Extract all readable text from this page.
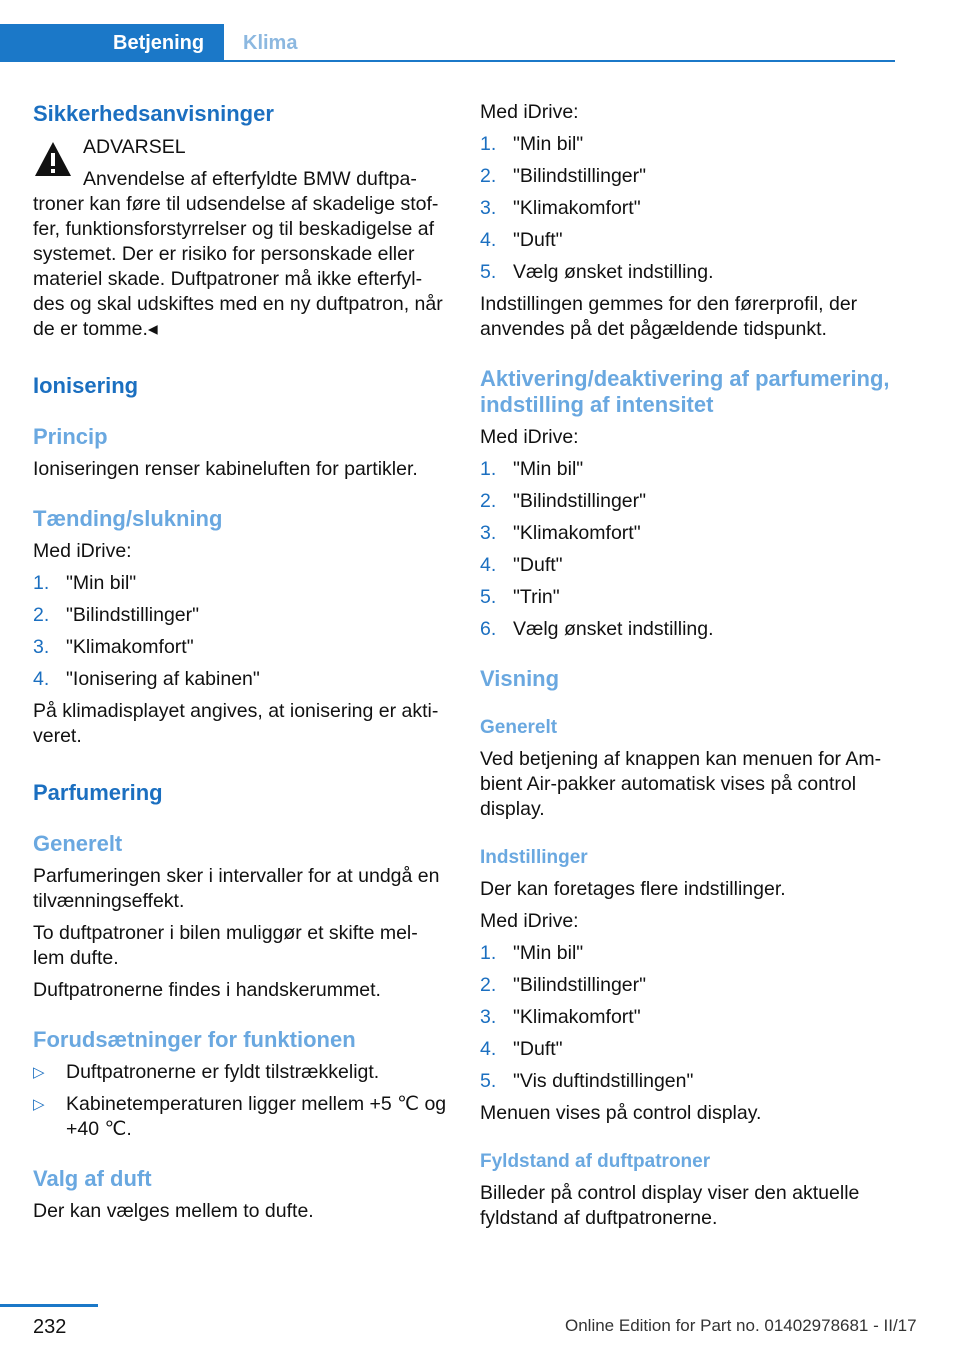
Betjening Klima
Sikkerhedsanvisninger

ADVARSEL

Anvendelse af efterfyldte BMW duftpa-

troner kan føre til udsendelse af skadelige stof-fer, funktionsforstyrrelser og til beskadigelse af systemet. Der er risiko for personskade eller materiel skade. Duftpatroner må ikke efterfyl-des og skal udskiftes med en ny duftpatron, når de er tomme.◂

Ionisering
Princip

Ioniseringen renser kabineluften for partikler.

Tænding/slukning

Med iDrive:

1. "Min bil"
2. "Bilindstillinger"
3. "Klimakomfort"
4. "Ionisering af kabinen"

På klimadisplayet angives, at ionisering er akti-veret.

Parfumering
Generelt

Parfumeringen sker i intervaller for at undgå en tilvænningseffekt.

To duftpatroner i bilen muliggør et skifte mel-lem dufte.

Duftpatronerne findes i handskerummet.

Forudsætninger for funktionen
▷ Duftpatronerne er fyldt tilstrækkeligt.
▷ Kabinetemperaturen ligger mellem +5 ℃ og +40 ℃.
Valg af duft

Der kan vælges mellem to dufte.

Med iDrive:

1. "Min bil"
2. "Bilindstillinger"
3. "Klimakomfort"
4. "Duft"
5. Vælg ønsket indstilling.

Indstillingen gemmes for den førerprofil, der anvendes på det pågældende tidspunkt.

Aktivering/deaktivering af parfumering, indstilling af intensitet

Med iDrive:

1. "Min bil"
2. "Bilindstillinger"
3. "Klimakomfort"
4. "Duft"
5. "Trin"
6. Vælg ønsket indstilling.
Visning
Generelt

Ved betjening af knappen kan menuen for Am-bient Air-pakker automatisk vises på control display.

Indstillinger

Der kan foretages flere indstillinger.

Med iDrive:

1. "Min bil"
2. "Bilindstillinger"
3. "Klimakomfort"
4. "Duft"
5. "Vis duftindstillingen"

Menuen vises på control display.

Fyldstand af duftpatroner

Billeder på control display viser den aktuelle fyldstand af duftpatronerne.

232	Online Edition for Part no. 01402978681 - II/17
